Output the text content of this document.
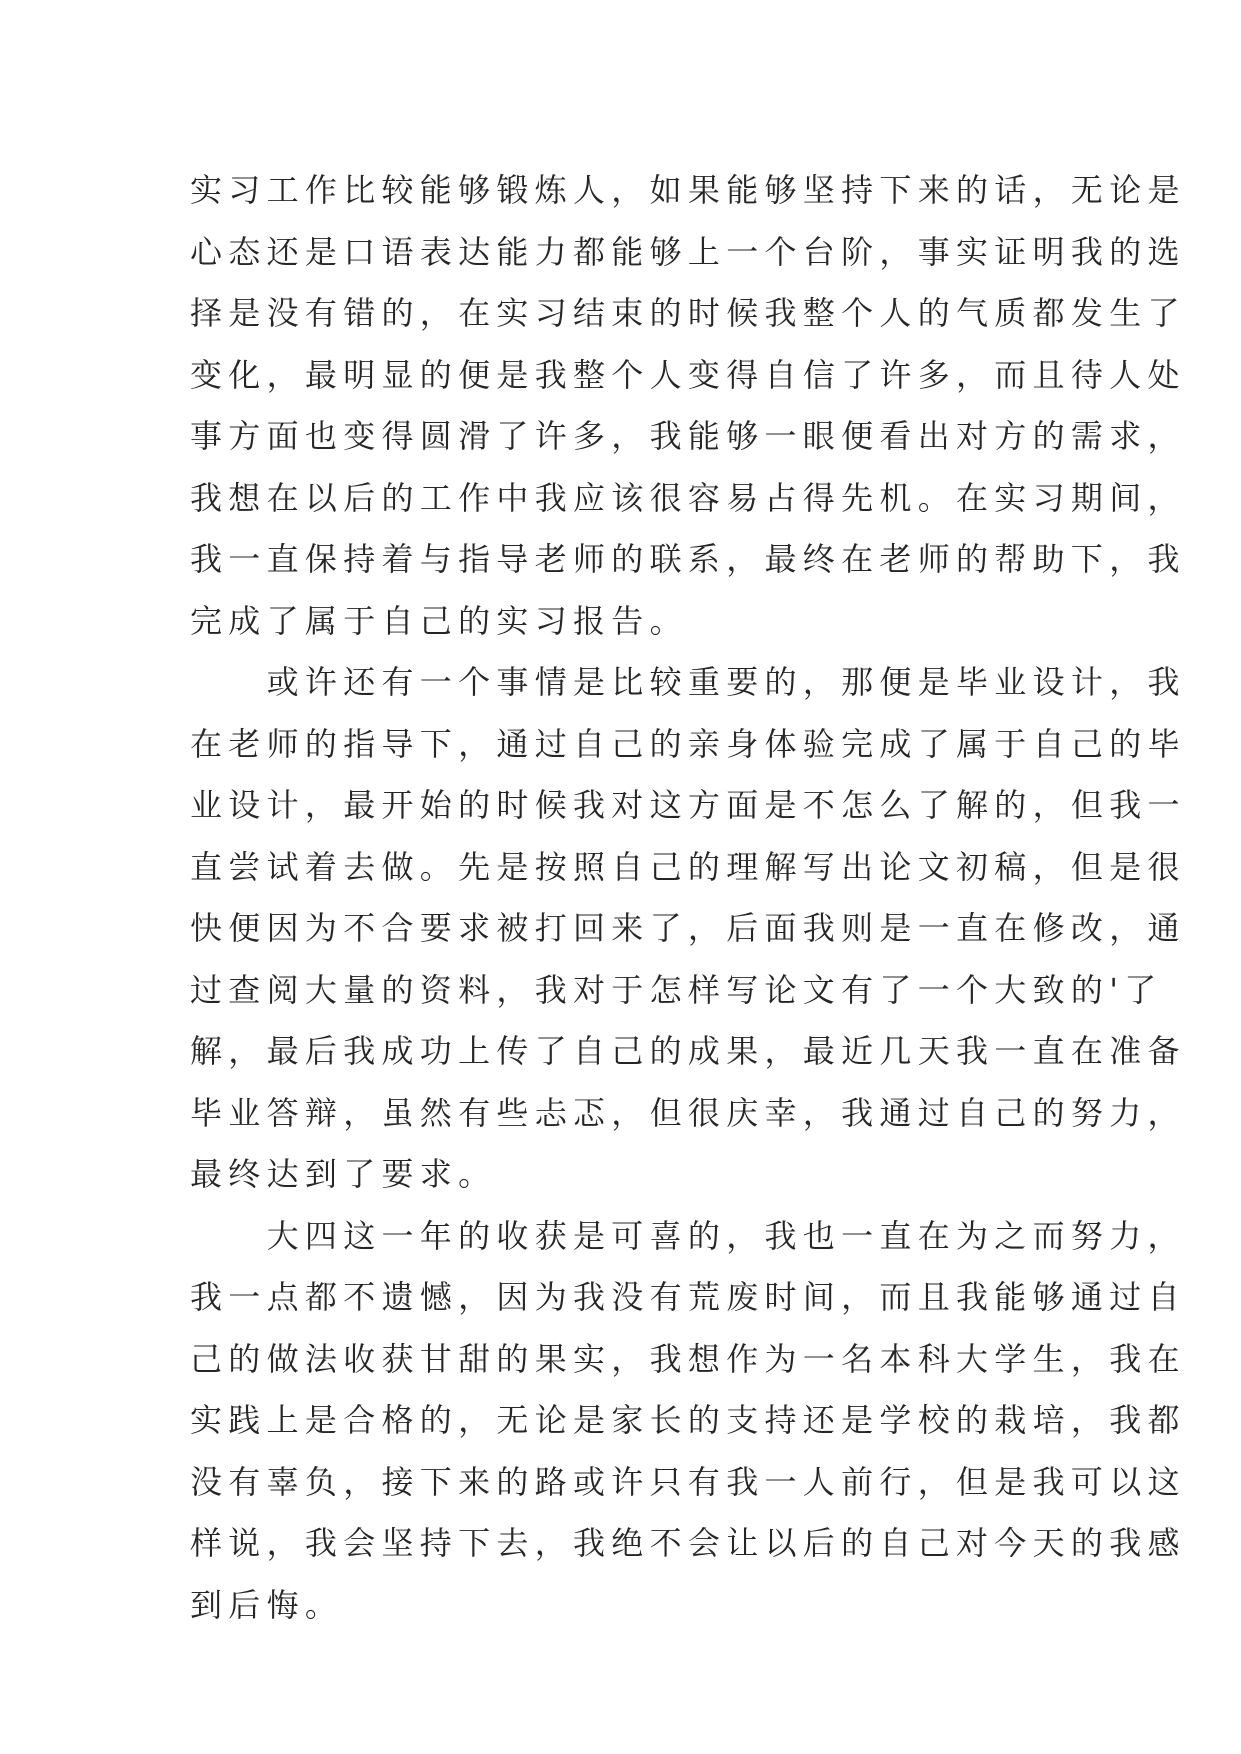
实习工作比较能够锻炼人，如果能够坚持下来的话，无论是
心态还是口语表达能力都能够上一个台阶，事实证明我的选
择是没有错的，在实习结束的时候我整个人的气质都发生了
变化，最明显的便是我整个人变得自信了许多，而且待人处
事方面也变得圆滑了许多，我能够一眼便看出对方的需求，
我想在以后的工作中我应该很容易占得先机。在实习期间，
我一直保持着与指导老师的联系，最终在老师的帮助下，我
完成了属于自己的实习报告。
　　或许还有一个事情是比较重要的，那便是毕业设计，我
在老师的指导下，通过自己的亲身体验完成了属于自己的毕
业设计，最开始的时候我对这方面是不怎么了解的，但我一
直尝试着去做。先是按照自己的理解写出论文初稿，但是很
快便因为不合要求被打回来了，后面我则是一直在修改，通
过查阅大量的资料，我对于怎样写论文有了一个大致的'了
解，最后我成功上传了自己的成果，最近几天我一直在准备
毕业答辩，虽然有些忐忑，但很庆幸，我通过自己的努力，
最终达到了要求。
　　大四这一年的收获是可喜的，我也一直在为之而努力，
我一点都不遗憾，因为我没有荒废时间，而且我能够通过自
己的做法收获甘甜的果实，我想作为一名本科大学生，我在
实践上是合格的，无论是家长的支持还是学校的栽培，我都
没有辜负，接下来的路或许只有我一人前行，但是我可以这
样说，我会坚持下去，我绝不会让以后的自己对今天的我感
到后悔。
